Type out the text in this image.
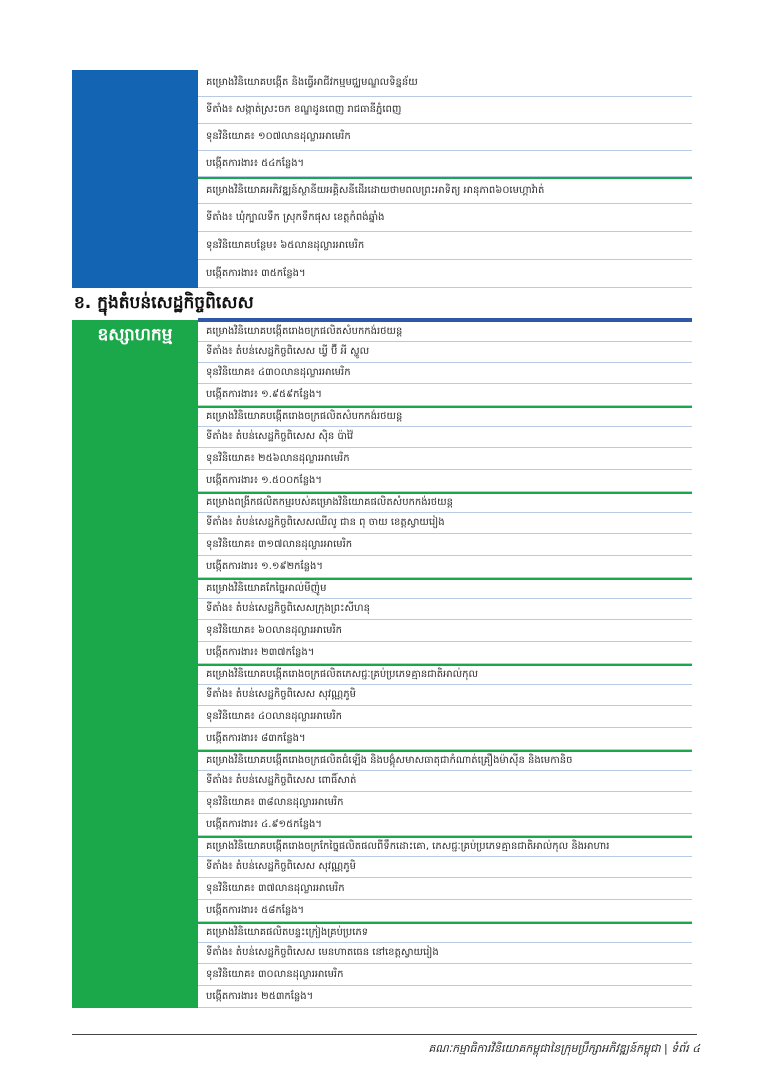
គម្រោងវិនិយោគបង្កើត និងធ្វើអាជីវកម្មមជ្ឈមណ្ឌលទិន្នន័យ
ទីតាំង៖ សង្កាត់ស្រះចក ខណ្ឌដូនពេញ រាជធានីភ្នំពេញ
ទុនវិនិយោគ៖ ១០៧លានដុល្លារអាមេរិក
បង្កើតការងារ៖ ៥៤កន្លែង។
គម្រោងវិនិយោគអភិវឌ្ឍន៍ស្ថានីយអគ្គិសនីដើរដោយថាមពលព្រះអាទិត្យ អានុភាព៦០មេហ្គាវ៉ាត់
ទីតាំង៖ ឃុំក្បាលទឹក ស្រុកទឹកផុស ខេត្តកំពង់ឆ្នាំង
ទុនវិនិយោគបន្ថែម៖ ៦៥លានដុល្លារអាមេរិក
បង្កើតការងារ៖ ៣៥កន្លែង។
ខ. ក្នុងតំបន់សេដ្ឋកិច្ចពិសេស
ឧស្សាហកម្ម	គម្រោងវិនិយោគបង្កើតរោងចក្រផលិតសំបកកង់រថយន្ត
ទីតាំង៖ តំបន់សេដ្ឋកិច្ចពិសេស ឃ្វី ប៊ី អី ស្ហូល
ទុនវិនិយោគ៖ ៤៣០លានដុល្លារអាមេរិក
បង្កើតការងារ៖ ១.៩៥៩កន្លែង។
គម្រោងវិនិយោគបង្កើតរោងចក្រផលិតសំបកកង់រថយន្ត
ទីតាំង៖ តំបន់សេដ្ឋកិច្ចពិសេស ស៊ិន ប៉ាវ៉ៃ
ទុនវិនិយោគ៖ ២៥៦លានដុល្លារអាមេរិក
បង្កើតការងារ៖ ១.៥០០កន្លែង។
គម្រោងពង្រីកផលិតកម្មរបស់គម្រោងវិនិយោគផលិតសំបកកង់រថយន្ត
ទីតាំង៖ តំបន់សេដ្ឋកិច្ចពិសេសឈីលូ ជាន ពុ ចាយ ខេត្តស្វាយរៀង
ទុនវិនិយោគ៖ ៣១៧លានដុល្លារអាមេរិក
បង្កើតការងារ៖ ១.១៩២កន្លែង។
គម្រោងវិនិយោគកែច្នៃអាល់មីញ៉ូម
ទីតាំង៖ តំបន់សេដ្ឋកិច្ចពិសេសក្រុងព្រះសីហនុ
ទុនវិនិយោគ៖ ៦០លានដុល្លារអាមេរិក
បង្កើតការងារ៖ ២៣៧កន្លែង។
គម្រោងវិនិយោគបង្កើតរោងចក្រផលិតភេសជ្ជៈគ្រប់ប្រភេទគ្មានជាតិអាល់កុល
ទីតាំង៖ តំបន់សេដ្ឋកិច្ចពិសេស សុវណ្ណភូមិ
ទុនវិនិយោគ៖ ៤០លានដុល្លារអាមេរិក
បង្កើតការងារ៖ ៨៣កន្លែង។
គម្រោងវិនិយោគបង្កើតរោងចក្រផលិតជំឡើង និងបង្គុំសមាសធាតុជាកំណាត់គ្រឿងម៉ាស៊ីន និងមេកានិច
ទីតាំង៖ តំបន់សេដ្ឋកិច្ចពិសេស ពោធិ៍សាត់
ទុនវិនិយោគ៖ ៣៨លានដុល្លារអាមេរិក
បង្កើតការងារ៖ ៤.៩១៥កន្លែង។
គម្រោងវិនិយោគបង្កើតរោងចក្រកែច្នៃផលិតផលពីទឹកដោះគោ, ភេសជ្ជៈគ្រប់ប្រភេទគ្មានជាតិអាល់កុល និងអាហារ
ទីតាំង៖ តំបន់សេដ្ឋកិច្ចពិសេស សុវណ្ណភូមិ
ទុនវិនិយោគ៖ ៣៧លានដុល្លារអាមេរិក
បង្កើតការងារ៖ ៥៨កន្លែង។
គម្រោងវិនិយោគផលិតបន្ទះក្រៀងគ្រប់ប្រភេទ
ទីតាំង៖ តំបន់សេដ្ឋកិច្ចពិសេស មេនហាតធេន នៅខេត្តស្វាយរៀង
ទុនវិនិយោគ៖ ៣០លានដុល្លារអាមេរិក
បង្កើតការងារ៖ ២៥៣កន្លែង។
គណៈកម្មាធិការវិនិយោគកម្ពុជានៃក្រុមប្រឹក្សាអភិវឌ្ឍន៍កម្ពុជា | ទំព័រ ៤
